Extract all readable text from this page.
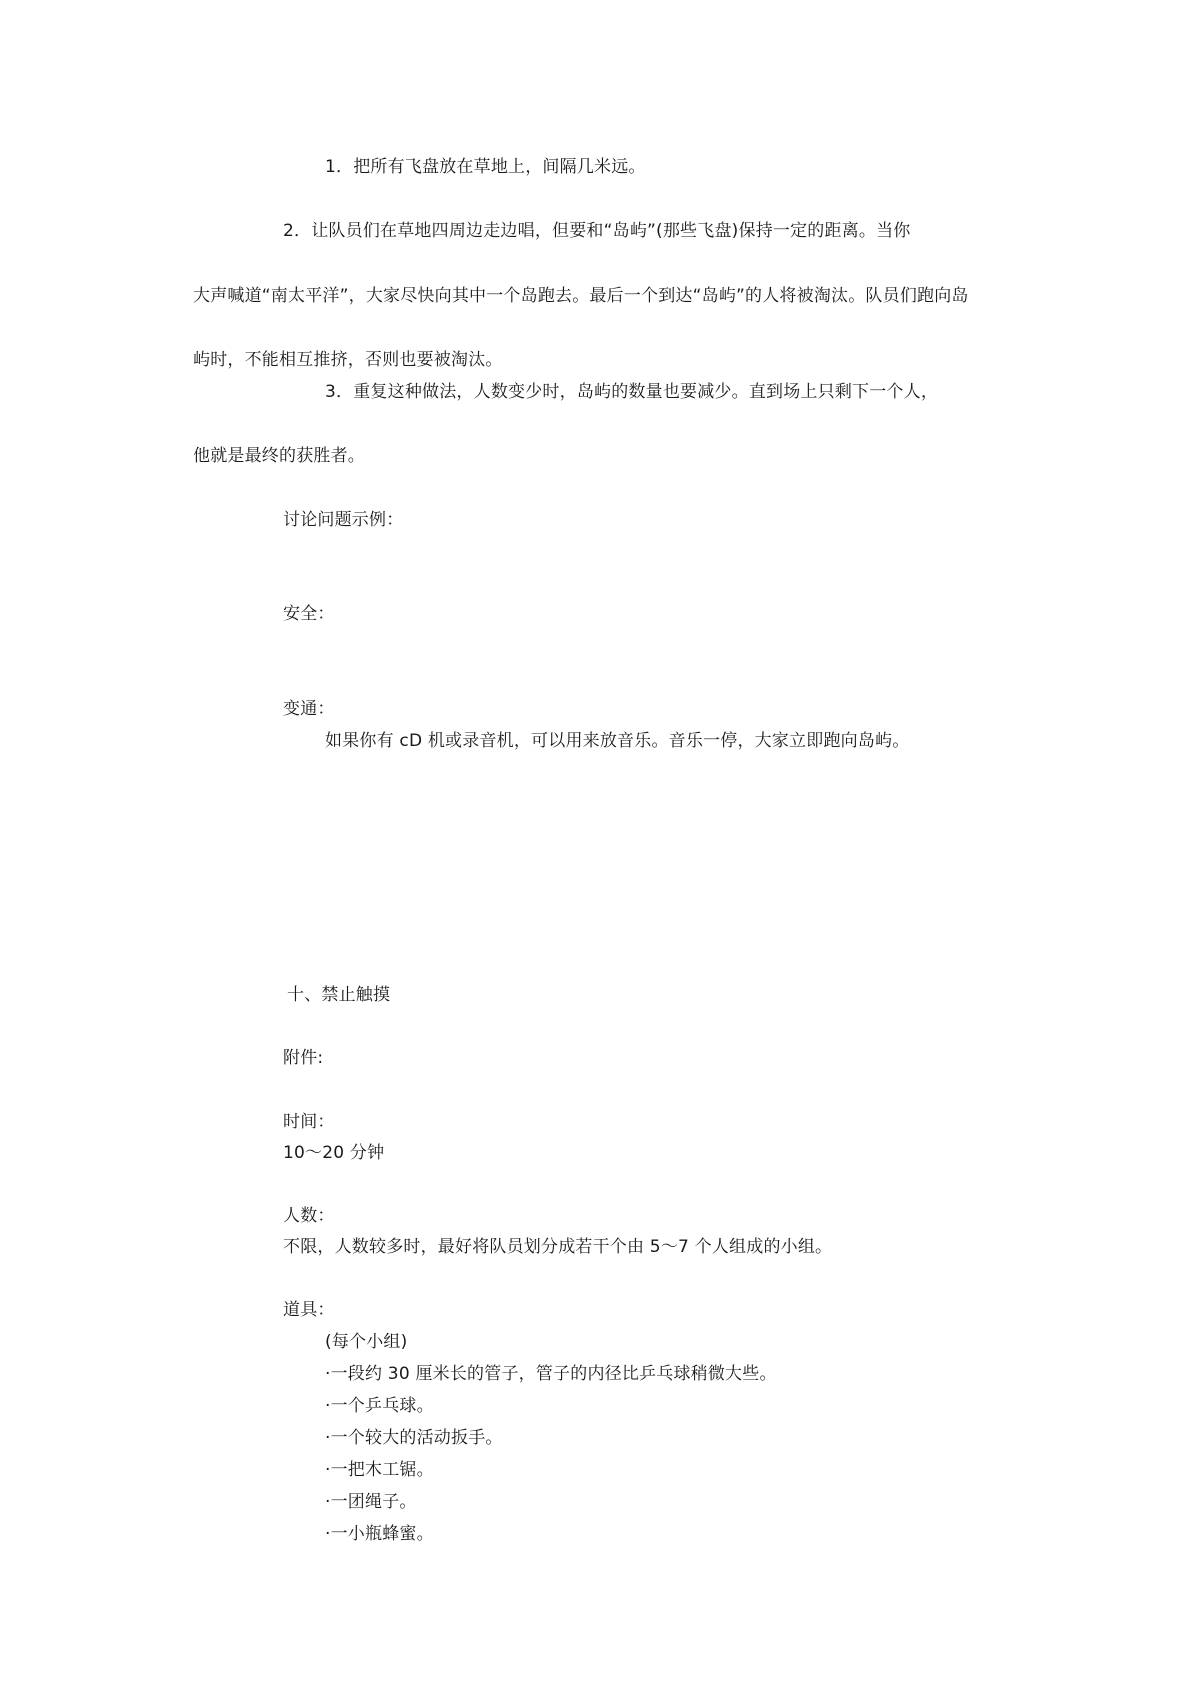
1．把所有飞盘放在草地上，间隔几米远。
2．让队员们在草地四周边走边唱，但要和“岛屿”(那些飞盘)保持一定的距离。当你
大声喊道“南太平洋”，大家尽快向其中一个岛跑去。最后一个到达“岛屿”的人将被淘汰。队员们跑向岛
屿时，不能相互推挤，否则也要被淘汰。
3．重复这种做法，人数变少时，岛屿的数量也要减少。直到场上只剩下一个人，
他就是最终的获胜者。
讨论问题示例：
安全：
变通：
如果你有 cD 机或录音机，可以用来放音乐。音乐一停，大家立即跑向岛屿。
十、禁止触摸
附件:
时间：
10～20 分钟
人数：
不限，人数较多时，最好将队员划分成若干个由 5～7 个人组成的小组。
道具：
(每个小组)
·一段约 30 厘米长的管子，管子的内径比乒乓球稍微大些。
·一个乒乓球。
·一个较大的活动扳手。
·一把木工锯。
·一团绳子。
·一小瓶蜂蜜。
